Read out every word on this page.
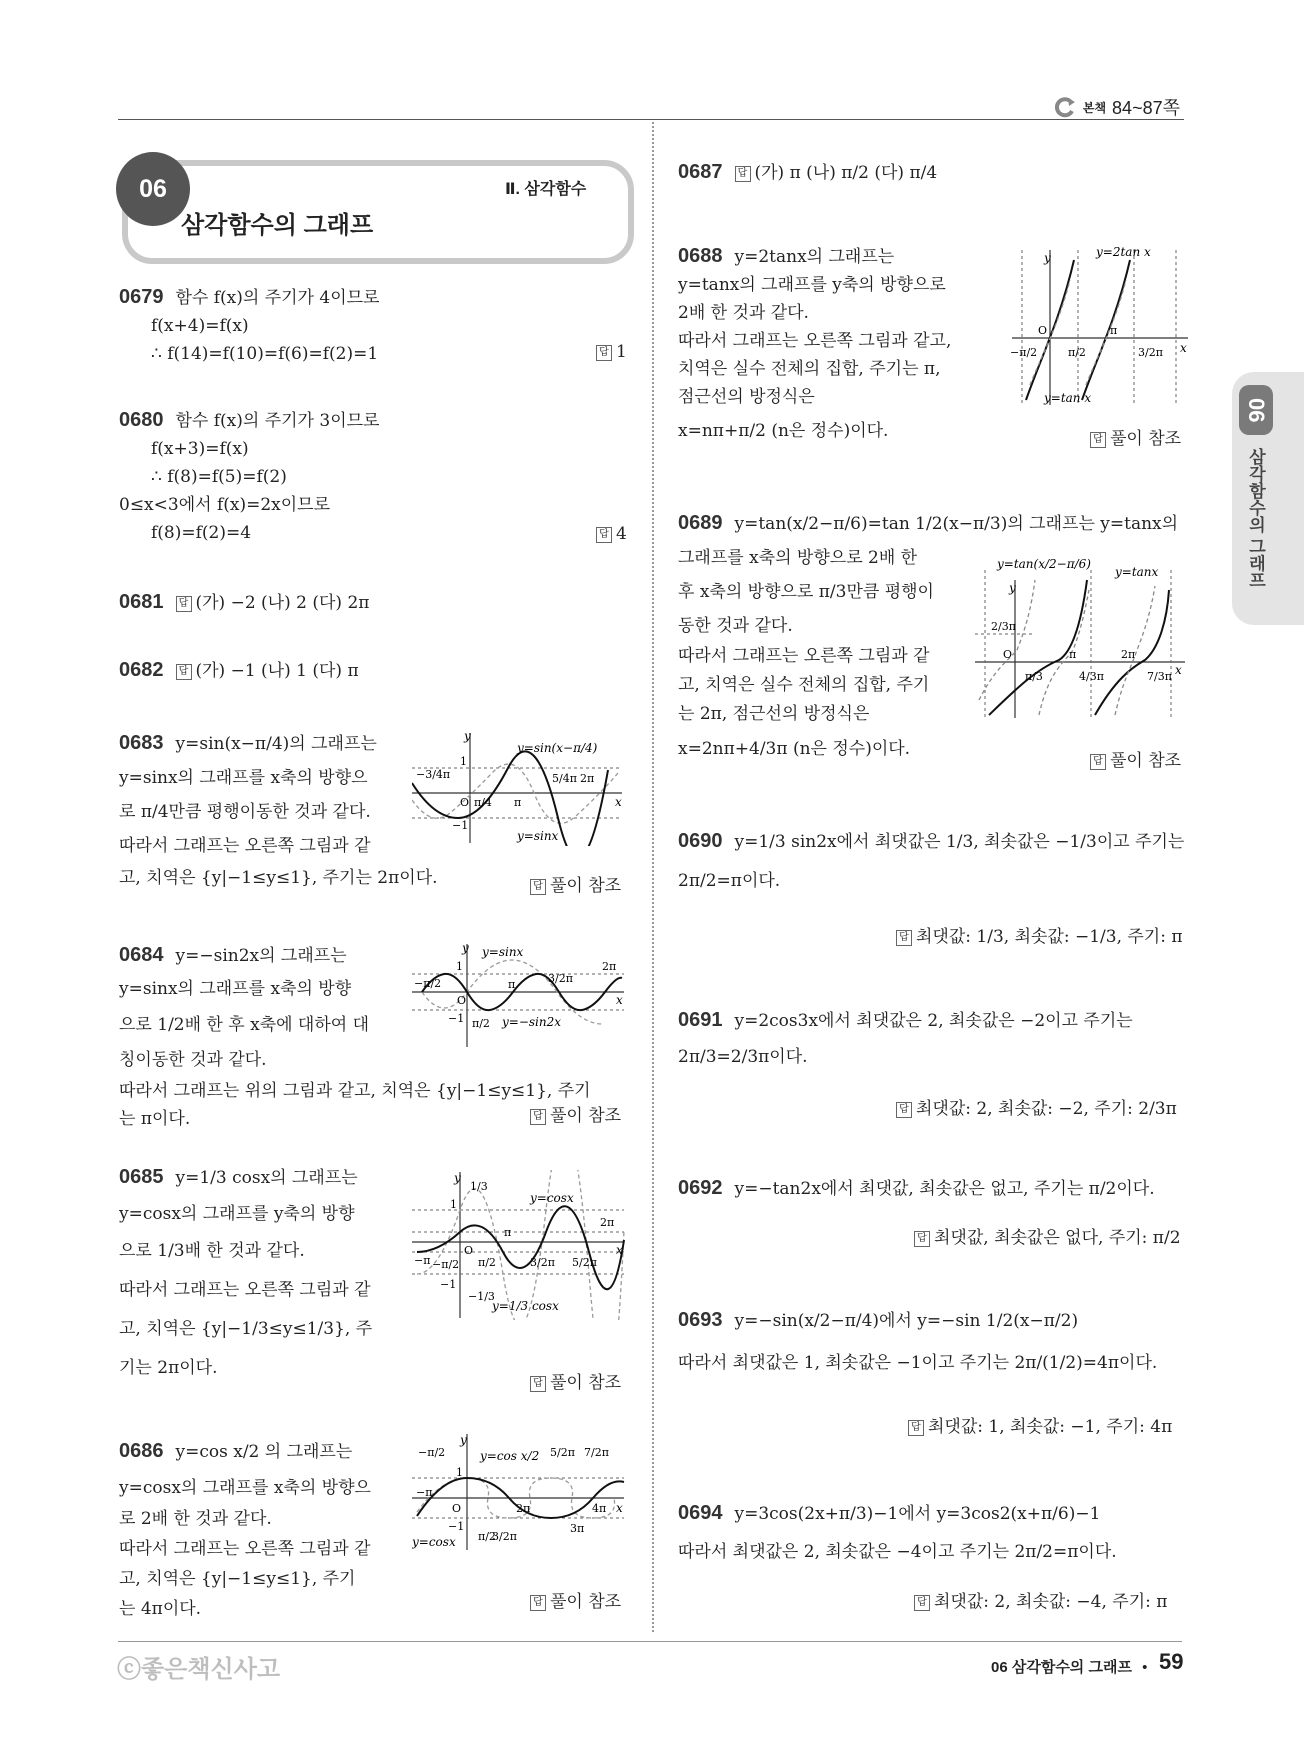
본책 84~87쪽
06
삼각함수의 그래프
Ⅱ. 삼각함수
06
삼각함수의 그래프
0679 함수 f(x)의 주기가 4이므로
f(x+4)=f(x)
∴ f(14)=f(10)=f(6)=f(2)=1	답 1
0680 함수 f(x)의 주기가 3이므로
f(x+3)=f(x)
∴ f(8)=f(5)=f(2)
0≤x<3에서 f(x)=2x이므로
f(8)=f(2)=4	답 4
0681 답 (가) −2 (나) 2 (다) 2π
0682 답 (가) −1 (나) 1 (다) π
0683 y=sin(x−π/4)의 그래프는
y=sinx의 그래프를 x축의 방향으
로 π/4만큼 평행이동한 것과 같다.
따라서 그래프는 오른쪽 그림과 같
고, 치역은 {y|−1≤y≤1}, 주기는 2π이다.	답 풀이 참조
y
x
−3/4π
O π/4 π
5/4π 2π
1
−1
y=sin(x−π/4)
y=sinx
0684 y=−sin2x의 그래프는
y=sinx의 그래프를 x축의 방향
으로 1/2배 한 후 x축에 대하여 대
칭이동한 것과 같다.
따라서 그래프는 위의 그림과 같고, 치역은 {y|−1≤y≤1}, 주기
는 π이다.	답 풀이 참조
y
x
−π/2
1
−1
O
π/2
π	3/2π
2π
y=sinx
y=−sin2x
0685 y=1/3 cosx의 그래프는
y=cosx의 그래프를 y축의 방향
으로 1/3배 한 것과 같다.
따라서 그래프는 오른쪽 그림과 같
고, 치역은 {y|−1/3≤y≤1/3}, 주
기는 2π이다.
답 풀이 참조
y
x
1
1/3
−1/3
−1
−π −π/2
O
π/2
π
3/2π 5/2π
2π
y=cosx
y=1/3 cosx
0686 y=cos x/2 의 그래프는
y=cosx의 그래프를 x축의 방향으
로 2배 한 것과 같다.
따라서 그래프는 오른쪽 그림과 같
고, 치역은 {y|−1≤y≤1}, 주기
는 4π이다.	답 풀이 참조
y
x
−π/2
−π
1
−1
O
π/2
2π
3/2π
5/2π 7/2π
3π
4π
y=cos x/2
y=cosx
0687 답 (가) π (나) π/2 (다) π/4
0688 y=2tanx의 그래프는
y=tanx의 그래프를 y축의 방향으로
2배 한 것과 같다.
따라서 그래프는 오른쪽 그림과 같고,
치역은 실수 전체의 집합, 주기는 π,
점근선의 방정식은
x=nπ+π/2 (n은 정수)이다.	답 풀이 참조
y
x
−π/2
O
π/2
π
3/2π
y=2tan x
y=tan x
0689 y=tan(x/2−π/6)=tan 1/2(x−π/3)의 그래프는 y=tanx의
그래프를 x축의 방향으로 2배 한
후 x축의 방향으로 π/3만큼 평행이
동한 것과 같다.
따라서 그래프는 오른쪽 그림과 같
고, 치역은 실수 전체의 집합, 주기
는 2π, 점근선의 방정식은
x=2nπ+4/3π (n은 정수)이다.
답 풀이 참조
y
x
2/3π
O
π/3
π
4/3π
2π
7/3π
y=tan(x/2−π/6)
y=tanx
0690 y=1/3 sin2x에서 최댓값은 1/3, 최솟값은 −1/3이고 주기는
2π/2=π이다.
답 최댓값: 1/3, 최솟값: −1/3, 주기: π
0691 y=2cos3x에서 최댓값은 2, 최솟값은 −2이고 주기는
2π/3=2/3π이다.
답 최댓값: 2, 최솟값: −2, 주기: 2/3π
0692 y=−tan2x에서 최댓값, 최솟값은 없고, 주기는 π/2이다.
답 최댓값, 최솟값은 없다, 주기: π/2
0693 y=−sin(x/2−π/4)에서 y=−sin 1/2(x−π/2)
따라서 최댓값은 1, 최솟값은 −1이고 주기는 2π/(1/2)=4π이다.
답 최댓값: 1, 최솟값: −1, 주기: 4π
0694 y=3cos(2x+π/3)−1에서 y=3cos2(x+π/6)−1
따라서 최댓값은 2, 최솟값은 −4이고 주기는 2π/2=π이다.
답 최댓값: 2, 최솟값: −4, 주기: π
ⓒ좋은책신사고	06 삼각함수의 그래프 • 59
